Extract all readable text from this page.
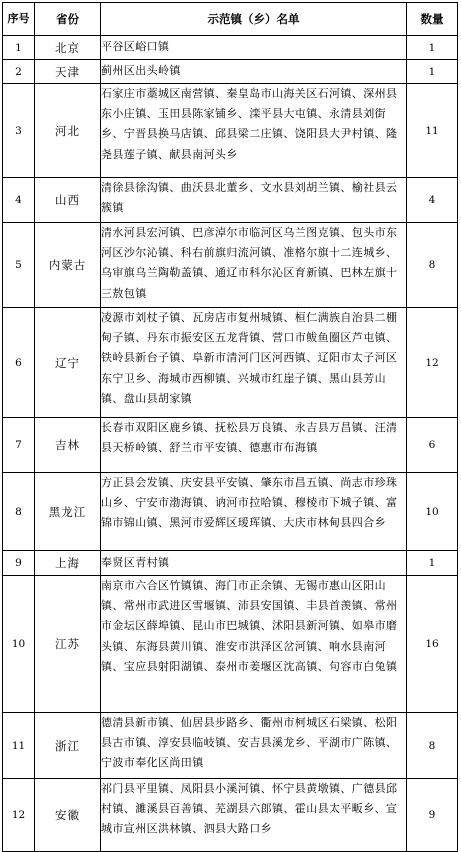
序号	省份	示范镇（乡）名单	数量
1	北京	平谷区峪口镇	1
2	天津	蓟州区出头岭镇	1
3	河北	石家庄市藁城区南营镇、秦皇岛市山海关区石河镇、深州县东小庄镇、玉田县陈家铺乡、滦平县大屯镇、永清县刘街乡、宁晋县换马店镇、邱县梁二庄镇、饶阳县大尹村镇、隆尧县莲子镇、献县南河头乡	11
4	山西	清徐县徐沟镇、曲沃县北董乡、文水县刘胡兰镇、榆社县云簇镇	4
5	内蒙古	清水河县宏河镇、巴彦淖尔市临河区乌兰图克镇、包头市东河区沙尔沁镇、科右前旗归流河镇、准格尔旗十二连城乡、乌审旗乌兰陶勒盖镇、通辽市科尔沁区育新镇、巴林左旗十三敖包镇	8
6	辽宁	凌源市刘杖子镇、瓦房店市复州城镇、桓仁满族自治县二棚甸子镇、丹东市振安区五龙背镇、营口市鲅鱼圈区芦屯镇、铁岭县新台子镇、阜新市清河门区河西镇、辽阳市太子河区东宁卫乡、海城市西柳镇、兴城市红崖子镇、黑山县芳山镇、盘山县胡家镇	12
7	吉林	长春市双阳区鹿乡镇、抚松县万良镇、永吉县万昌镇、汪清县天桥岭镇、舒兰市平安镇、德惠市布海镇	6
8	黑龙江	方正县会发镇、庆安县平安镇、肇东市昌五镇、尚志市珍珠山乡、宁安市渤海镇、讷河市拉哈镇、穆棱市下城子镇、富锦市锦山镇、黑河市爱辉区瑷珲镇、大庆市林甸县四合乡	10
9	上海	奉贤区青村镇	1
10	江苏	南京市六合区竹镇镇、海门市正余镇、无锡市惠山区阳山镇、常州市武进区雪堰镇、沛县安国镇、丰县首羡镇、常州市金坛区薛埠镇、昆山市巴城镇、沭阳县新河镇、如皋市磨头镇、东海县黄川镇、淮安市洪泽区岔河镇、响水县南河镇、宝应县射阳湖镇、泰州市姜堰区沈高镇、句容市白兔镇	16
11	浙江	德清县新市镇、仙居县步路乡、衢州市柯城区石梁镇、松阳县古市镇、淳安县临岐镇、安吉县溪龙乡、平湖市广陈镇、宁波市奉化区尚田镇	8
12	安徽	祁门县平里镇、凤阳县小溪河镇、怀宁县黄墩镇、广德县邱村镇、濉溪县百善镇、芜湖县六郎镇、霍山县太平畈乡、宣城市宣州区洪林镇、泗县大路口乡	9
